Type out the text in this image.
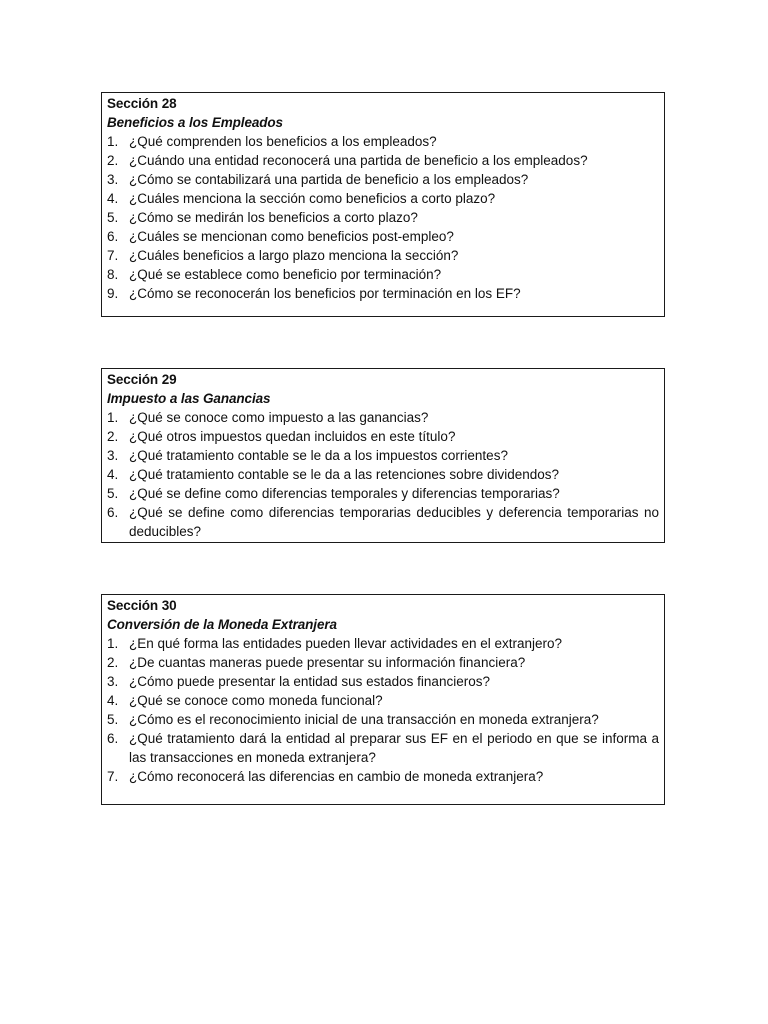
Sección 28
Beneficios a los Empleados
1. ¿Qué comprenden los beneficios a los empleados?
2. ¿Cuándo una entidad reconocerá una partida de beneficio a los empleados?
3. ¿Cómo se contabilizará una partida de beneficio a los empleados?
4. ¿Cuáles menciona la sección como beneficios a corto plazo?
5. ¿Cómo se medirán los beneficios a corto plazo?
6. ¿Cuáles se mencionan como beneficios post-empleo?
7. ¿Cuáles beneficios a largo plazo menciona la sección?
8. ¿Qué se establece como beneficio por terminación?
9. ¿Cómo se reconocerán los beneficios por terminación en los EF?
Sección 29
Impuesto a las Ganancias
1. ¿Qué se conoce como impuesto a las ganancias?
2. ¿Qué otros impuestos quedan incluidos en este título?
3. ¿Qué tratamiento contable se le da a los impuestos corrientes?
4. ¿Qué tratamiento contable se le da a las retenciones sobre dividendos?
5. ¿Qué se define como diferencias temporales y diferencias temporarias?
6. ¿Qué se define como diferencias temporarias deducibles y deferencia temporarias no deducibles?
Sección 30
Conversión de la Moneda Extranjera
1. ¿En qué forma las entidades pueden llevar actividades en el extranjero?
2. ¿De cuantas maneras puede presentar su información financiera?
3. ¿Cómo puede presentar la entidad sus estados financieros?
4. ¿Qué se conoce como moneda funcional?
5. ¿Cómo es el reconocimiento inicial de una transacción en moneda extranjera?
6. ¿Qué tratamiento dará la entidad al preparar sus EF en el periodo en que se informa a las transacciones en moneda extranjera?
7. ¿Cómo reconocerá las diferencias en cambio de moneda extranjera?
